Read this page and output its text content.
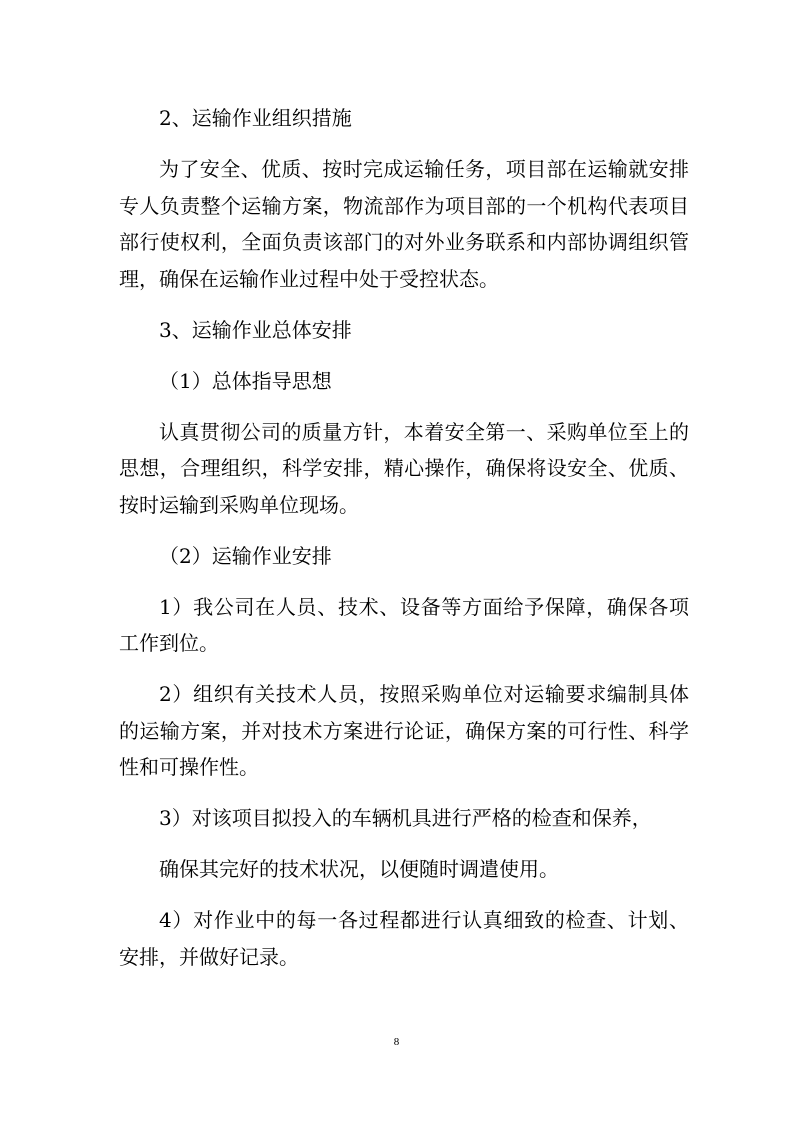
2、运输作业组织措施

为了安全、优质、按时完成运输任务，项目部在运输就安排专人负责整个运输方案，物流部作为项目部的一个机构代表项目部行使权利，全面负责该部门的对外业务联系和内部协调组织管理，确保在运输作业过程中处于受控状态。

3、运输作业总体安排

（1）总体指导思想

认真贯彻公司的质量方针，本着安全第一、采购单位至上的思想，合理组织，科学安排，精心操作，确保将设安全、优质、按时运输到采购单位现场。

（2）运输作业安排

1）我公司在人员、技术、设备等方面给予保障，确保各项工作到位。

2）组织有关技术人员，按照采购单位对运输要求编制具体的运输方案，并对技术方案进行论证，确保方案的可行性、科学性和可操作性。

3）对该项目拟投入的车辆机具进行严格的检查和保养，

确保其完好的技术状况，以便随时调遣使用。

4）对作业中的每一各过程都进行认真细致的检查、计划、安排，并做好记录。

8
